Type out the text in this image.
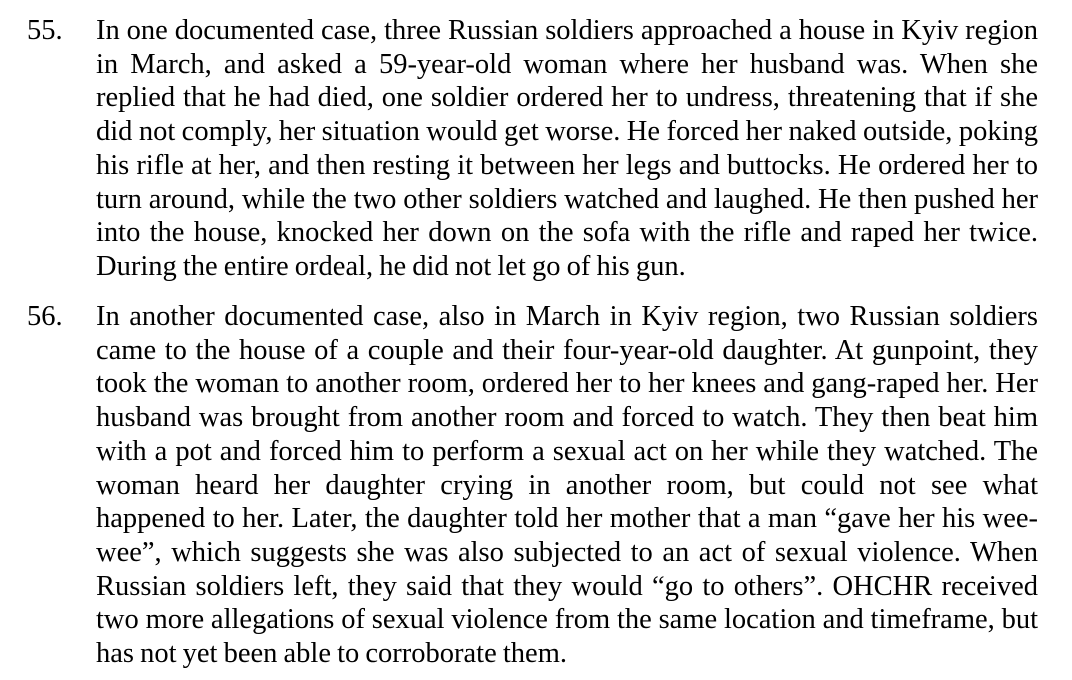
55. In one documented case, three Russian soldiers approached a house in Kyiv region
in March, and asked a 59-year-old woman where her husband was. When she
replied that he had died, one soldier ordered her to undress, threatening that if she
did not comply, her situation would get worse. He forced her naked outside, poking
his rifle at her, and then resting it between her legs and buttocks. He ordered her to
turn around, while the two other soldiers watched and laughed. He then pushed her
into the house, knocked her down on the sofa with the rifle and raped her twice.
During the entire ordeal, he did not let go of his gun.
56. In another documented case, also in March in Kyiv region, two Russian soldiers
came to the house of a couple and their four-year-old daughter. At gunpoint, they
took the woman to another room, ordered her to her knees and gang-raped her. Her
husband was brought from another room and forced to watch. They then beat him
with a pot and forced him to perform a sexual act on her while they watched. The
woman heard her daughter crying in another room, but could not see what
happened to her. Later, the daughter told her mother that a man “gave her his wee-
wee”, which suggests she was also subjected to an act of sexual violence. When
Russian soldiers left, they said that they would “go to others”. OHCHR received
two more allegations of sexual violence from the same location and timeframe, but
has not yet been able to corroborate them.
